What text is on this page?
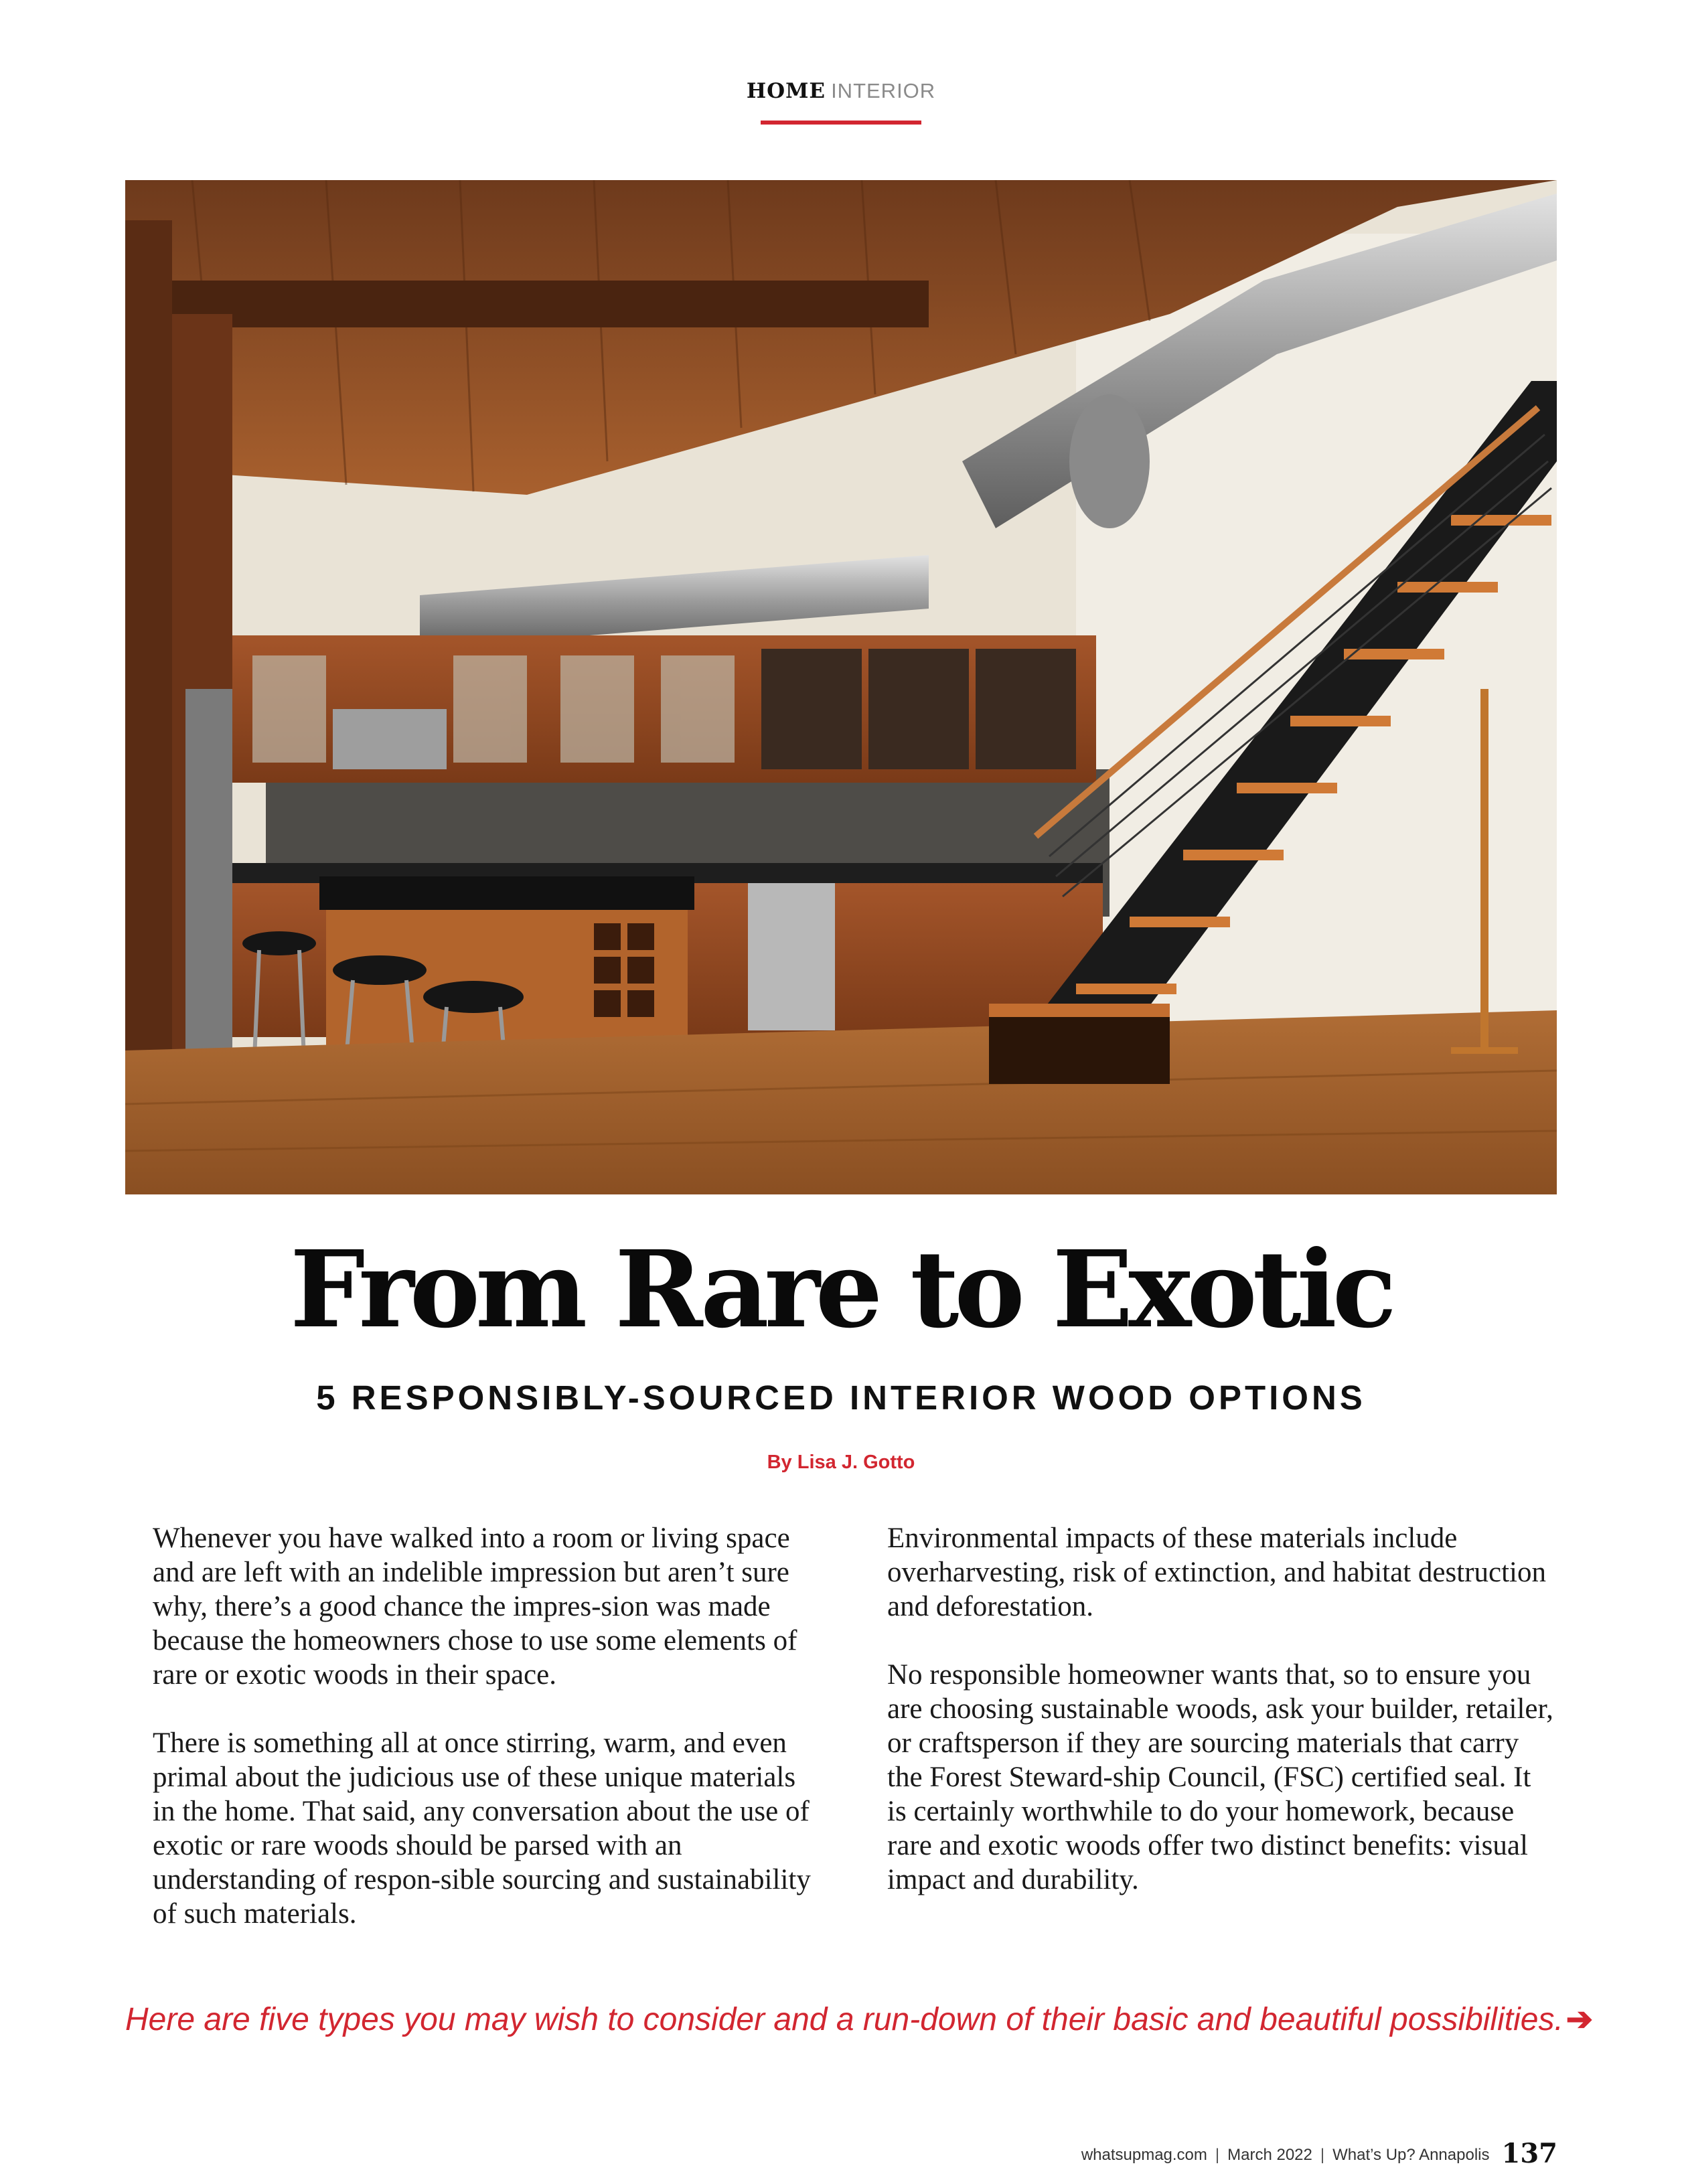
HOME INTERIOR
From Rare to Exotic
5 RESPONSIBLY-SOURCED INTERIOR WOOD OPTIONS
By Lisa J. Gotto

Whenever you have walked into a room or living space and are left with an indelible impression but aren’t sure why, there’s a good chance the impres-sion was made because the homeowners chose to use some elements of rare or exotic woods in their space.

There is something all at once stirring, warm, and even primal about the judicious use of these unique materials in the home. That said, any conversation about the use of exotic or rare woods should be parsed with an understanding of respon-sible sourcing and sustainability of such materials.

Environmental impacts of these materials include overharvesting, risk of extinction, and habitat destruction and deforestation.

No responsible homeowner wants that, so to ensure you are choosing sustainable woods, ask your builder, retailer, or craftsperson if they are sourcing materials that carry the Forest Steward-ship Council, (FSC) certified seal. It is certainly worthwhile to do your homework, because rare and exotic woods offer two distinct benefits: visual impact and durability.

Here are five types you may wish to consider and a run-down of their basic and beautiful possibilities.➔
whatsupmag.com | March 2022 | What’s Up? Annapolis 137
